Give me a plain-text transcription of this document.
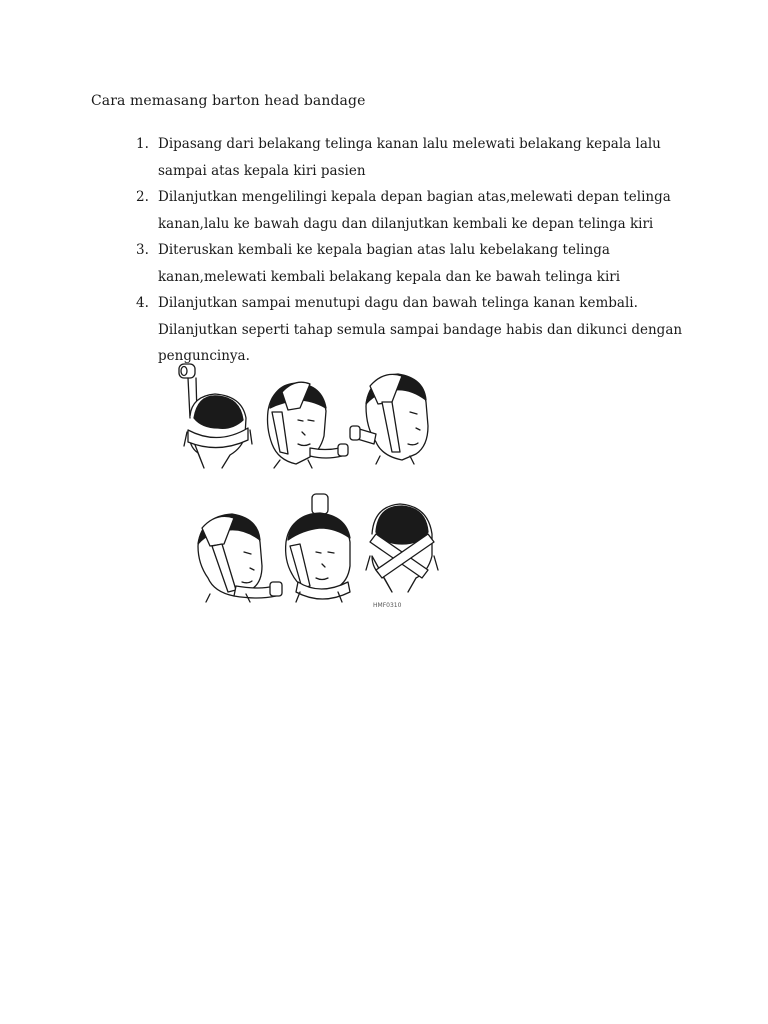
Cara memasang barton head bandage
1. Dipasang dari belakang telinga kanan lalu melewati belakang kepala lalu sampai atas kepala kiri pasien
2. Dilanjutkan mengelilingi kepala depan bagian atas,melewati depan telinga kanan,lalu ke bawah dagu dan dilanjutkan kembali ke depan telinga kiri
3. Diteruskan kembali ke kepala bagian atas lalu kebelakang telinga kanan,melewati kembali belakang kepala dan ke bawah telinga kiri
4. Dilanjutkan sampai menutupi dagu dan bawah telinga kanan kembali. Dilanjutkan seperti tahap semula sampai bandage habis dan dikunci dengan penguncinya.
HMF0310
